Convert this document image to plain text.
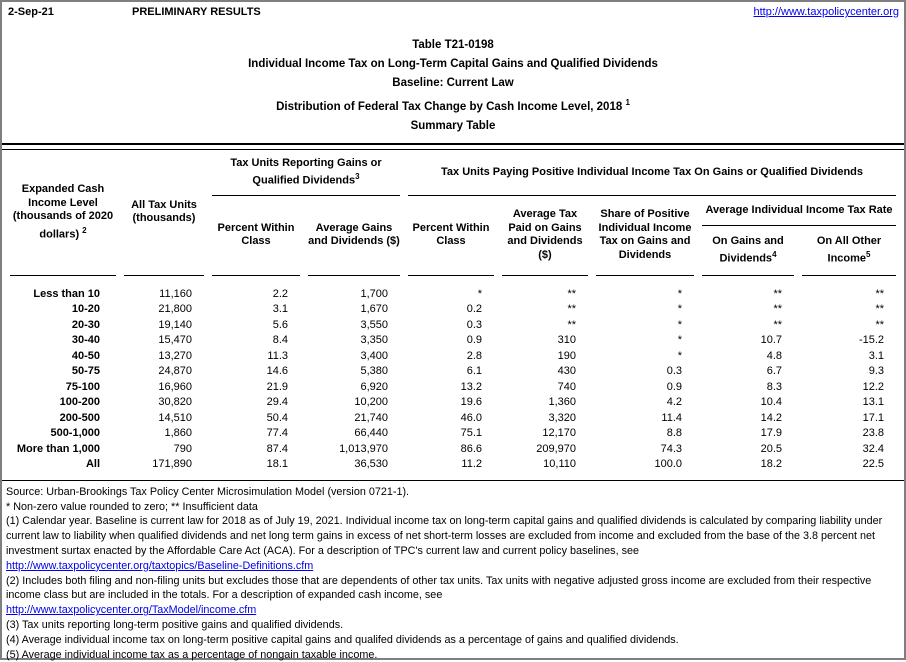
2-Sep-21	PRELIMINARY RESULTS	http://www.taxpolicycenter.org
Table T21-0198
Individual Income Tax on Long-Term Capital Gains and Qualified Dividends
Baseline: Current Law
Distribution of Federal Tax Change by Cash Income Level, 2018 $^1$
Summary Table
Expanded Cash Income Level (thousands of 2020 dollars) $^2$	All Tax Units (thousands)	Tax Units Reporting Gains or Qualified Dividends$^3$		Tax Units Paying Positive Individual Income Tax On Gains or Qualified Dividends				
		Percent Within Class	Average Gains and Dividends ($)	Percent Within Class	Average Tax Paid on Gains and Dividends ($)	Share of Positive Individual Income Tax on Gains and Dividends	Average Individual Income Tax Rate	
							On Gains and Dividends$^4$	On All Other Income$^5$
Less than 10	11,160	2.2	1,700	*	**	*	**	**
10-20	21,800	3.1	1,670	0.2	**	*	**	**
20-30	19,140	5.6	3,550	0.3	**	*	**	**
30-40	15,470	8.4	3,350	0.9	310	*	10.7	-15.2
40-50	13,270	11.3	3,400	2.8	190	*	4.8	3.1
50-75	24,870	14.6	5,380	6.1	430	0.3	6.7	9.3
75-100	16,960	21.9	6,920	13.2	740	0.9	8.3	12.2
100-200	30,820	29.4	10,200	19.6	1,360	4.2	10.4	13.1
200-500	14,510	50.4	21,740	46.0	3,320	11.4	14.2	17.1
500-1,000	1,860	77.4	66,440	75.1	12,170	8.8	17.9	23.8
More than 1,000	790	87.4	1,013,970	86.6	209,970	74.3	20.5	32.4
All	171,890	18.1	36,530	11.2	10,110	100.0	18.2	22.5
Source: Urban-Brookings Tax Policy Center Microsimulation Model (version 0721-1).
* Non-zero value rounded to zero; ** Insufficient data
(1) Calendar year. Baseline is current law for 2018 as of July 19, 2021. Individual income tax on long-term capital gains and qualified dividends is calculated by comparing liability under current law to liability when qualified dividends and net long term gains in excess of net short-term losses are excluded from income and excluded from the base of the 3.8 percent net investment surtax enacted by the Affordable Care Act (ACA). For a description of TPC's current law and current policy baselines, see
http://www.taxpolicycenter.org/taxtopics/Baseline-Definitions.cfm
(2) Includes both filing and non-filing units but excludes those that are dependents of other tax units. Tax units with negative adjusted gross income are excluded from their respective income class but are included in the totals. For a description of expanded cash income, see
http://www.taxpolicycenter.org/TaxModel/income.cfm
(3) Tax units reporting long-term positive gains and qualified dividends.
(4) Average individual income tax on long-term positive capital gains and qualifed dividends as a percentage of gains and qualified dividends.
(5) Average individual income tax as a percentage of nongain taxable income.
